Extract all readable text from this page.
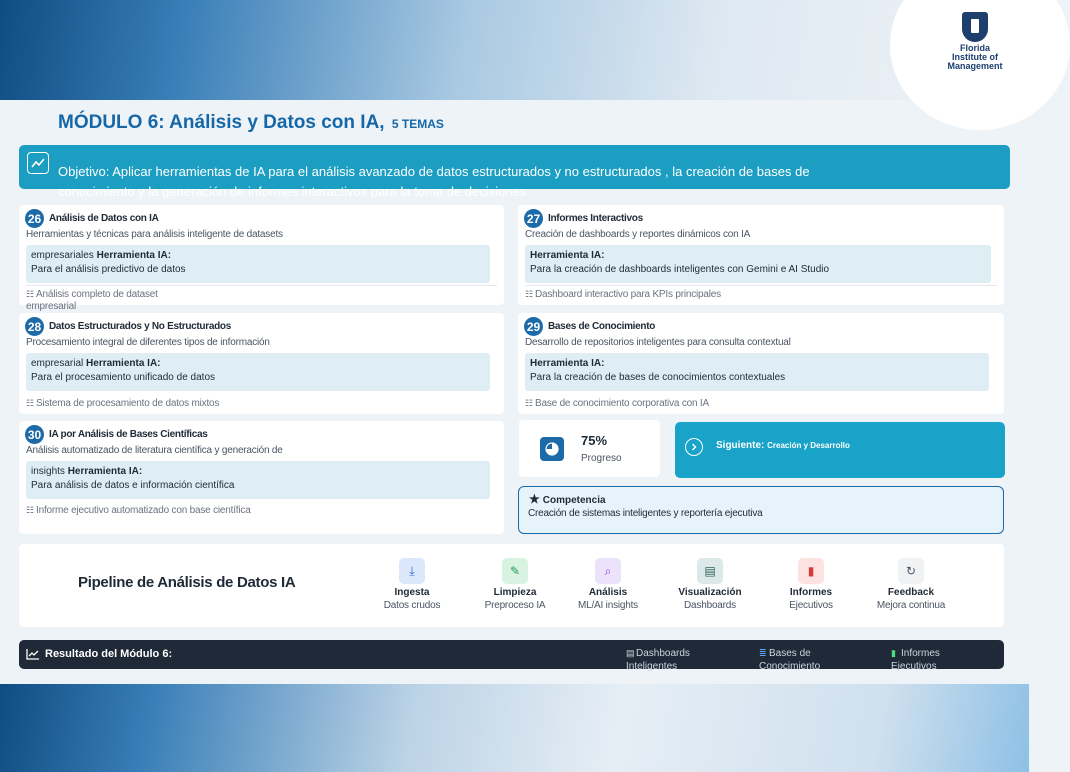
Florida
Institute of
Management
MÓDULO 6: Análisis y Datos con IA, 5 TEMAS
Objetivo: Aplicar herramientas de IA para el análisis avanzado de datos estructurados y no estructurados , la creación de bases de conocimiento y la generación de informes interactivos para la toma de decisiones
26 Análisis de Datos con IA
Herramientas y técnicas para análisis inteligente de datasets
empresariales Herramienta IA:
Para el análisis predictivo de datos
☷ Análisis completo de dataset empresarial
27 Informes Interactivos
Creación de dashboards y reportes dinámicos con IA
Herramienta IA:
Para la creación de dashboards inteligentes con Gemini e AI Studio
☷ Dashboard interactivo para KPIs principales
28 Datos Estructurados y No Estructurados
Procesamiento integral de diferentes tipos de información
empresarial Herramienta IA:
Para el procesamiento unificado de datos
☷ Sistema de procesamiento de datos mixtos
29 Bases de Conocimiento
Desarrollo de repositorios inteligentes para consulta contextual
Herramienta IA:
Para la creación de bases de conocimientos contextuales
☷ Base de conocimiento corporativa con IA
30 IA por Análisis de Bases Científicas
Análisis automatizado de literatura científica y generación de
insights Herramienta IA:
Para análisis de datos e información científica
☷ Informe ejecutivo automatizado con base científica
75%
Progreso
Siguiente: Creación y Desarrollo
★ Competencia
Creación de sistemas inteligentes y reportería ejecutiva
Pipeline de Análisis de Datos IA
⤓
Ingesta
Datos crudos
✎
Limpieza
Preproceso IA
⌕
Análisis
ML/AI insights
▤
Visualización
Dashboards
▮
Informes
Ejecutivos
↻
Feedback
Mejora continua
Resultado del Módulo 6:	▤Dashboards Inteligentes
≣ Bases de Conocimiento
▮ Informes Ejecutivos
